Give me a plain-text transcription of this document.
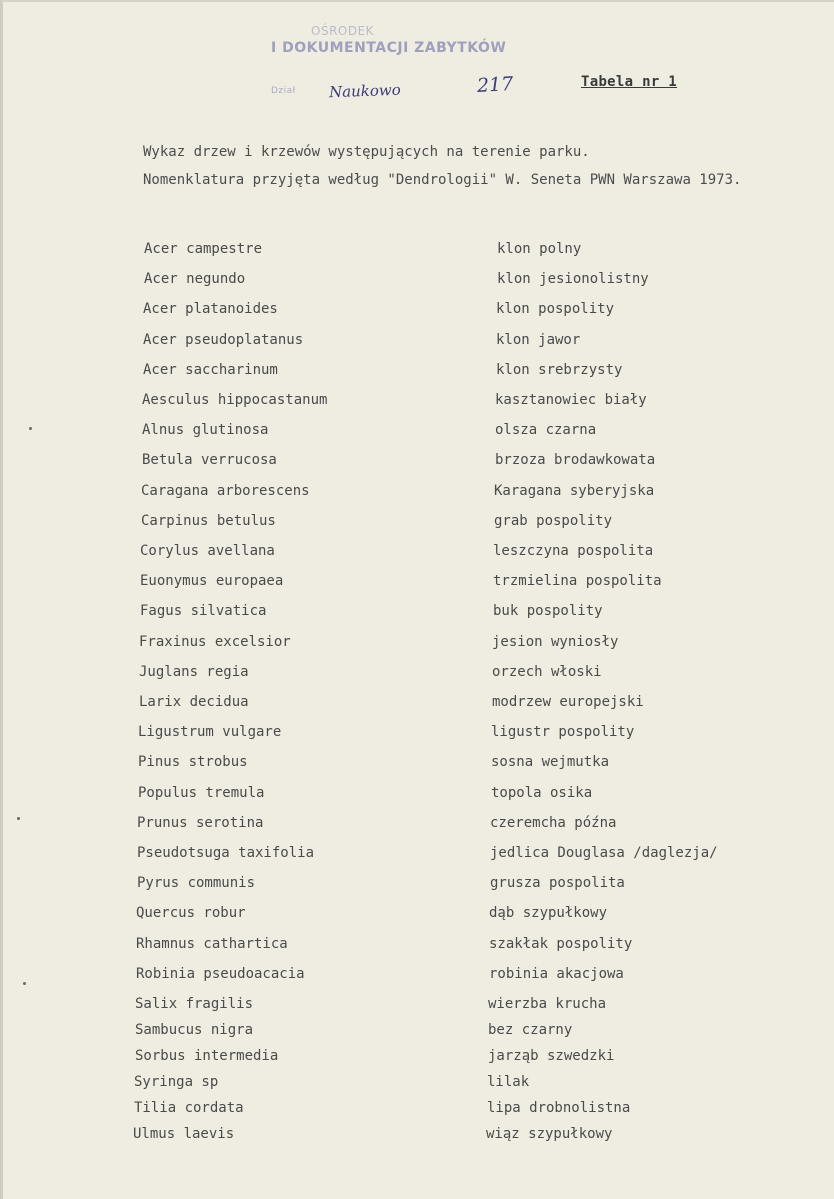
OŚRODEK
I DOKUMENTACJI ZABYTKÓW
Dział Naukowo	217	Tabela nr 1
Wykaz drzew i krzewów występujących na terenie parku.
Nomenklatura przyjęta według "Dendrologii" W. Seneta PWN Warszawa 1973.
Acer campestre	klon polny
Acer negundo	klon jesionolistny
Acer platanoides	klon pospolity
Acer pseudoplatanus	klon jawor
Acer saccharinum	klon srebrzysty
Aesculus hippocastanum	kasztanowiec biały
Alnus glutinosa	olsza czarna
Betula verrucosa	brzoza brodawkowata
Caragana arborescens	Karagana syberyjska
Carpinus betulus	grab pospolity
Corylus avellana	leszczyna pospolita
Euonymus europaea	trzmielina pospolita
Fagus silvatica	buk pospolity
Fraxinus excelsior	jesion wyniosły
Juglans regia	orzech włoski
Larix decidua	modrzew europejski
Ligustrum vulgare	ligustr pospolity
Pinus strobus	sosna wejmutka
Populus tremula	topola osika
Prunus serotina	czeremcha późna
Pseudotsuga taxifolia	jedlica Douglasa /daglezja/
Pyrus communis	grusza pospolita
Quercus robur	dąb szypułkowy
Rhamnus cathartica	szakłak pospolity
Robinia pseudoacacia	robinia akacjowa
Salix fragilis	wierzba krucha
Sambucus nigra	bez czarny
Sorbus intermedia	jarząb szwedzki
Syringa sp	lilak
Tilia cordata	lipa drobnolistna
Ulmus laevis	wiąz szypułkowy
